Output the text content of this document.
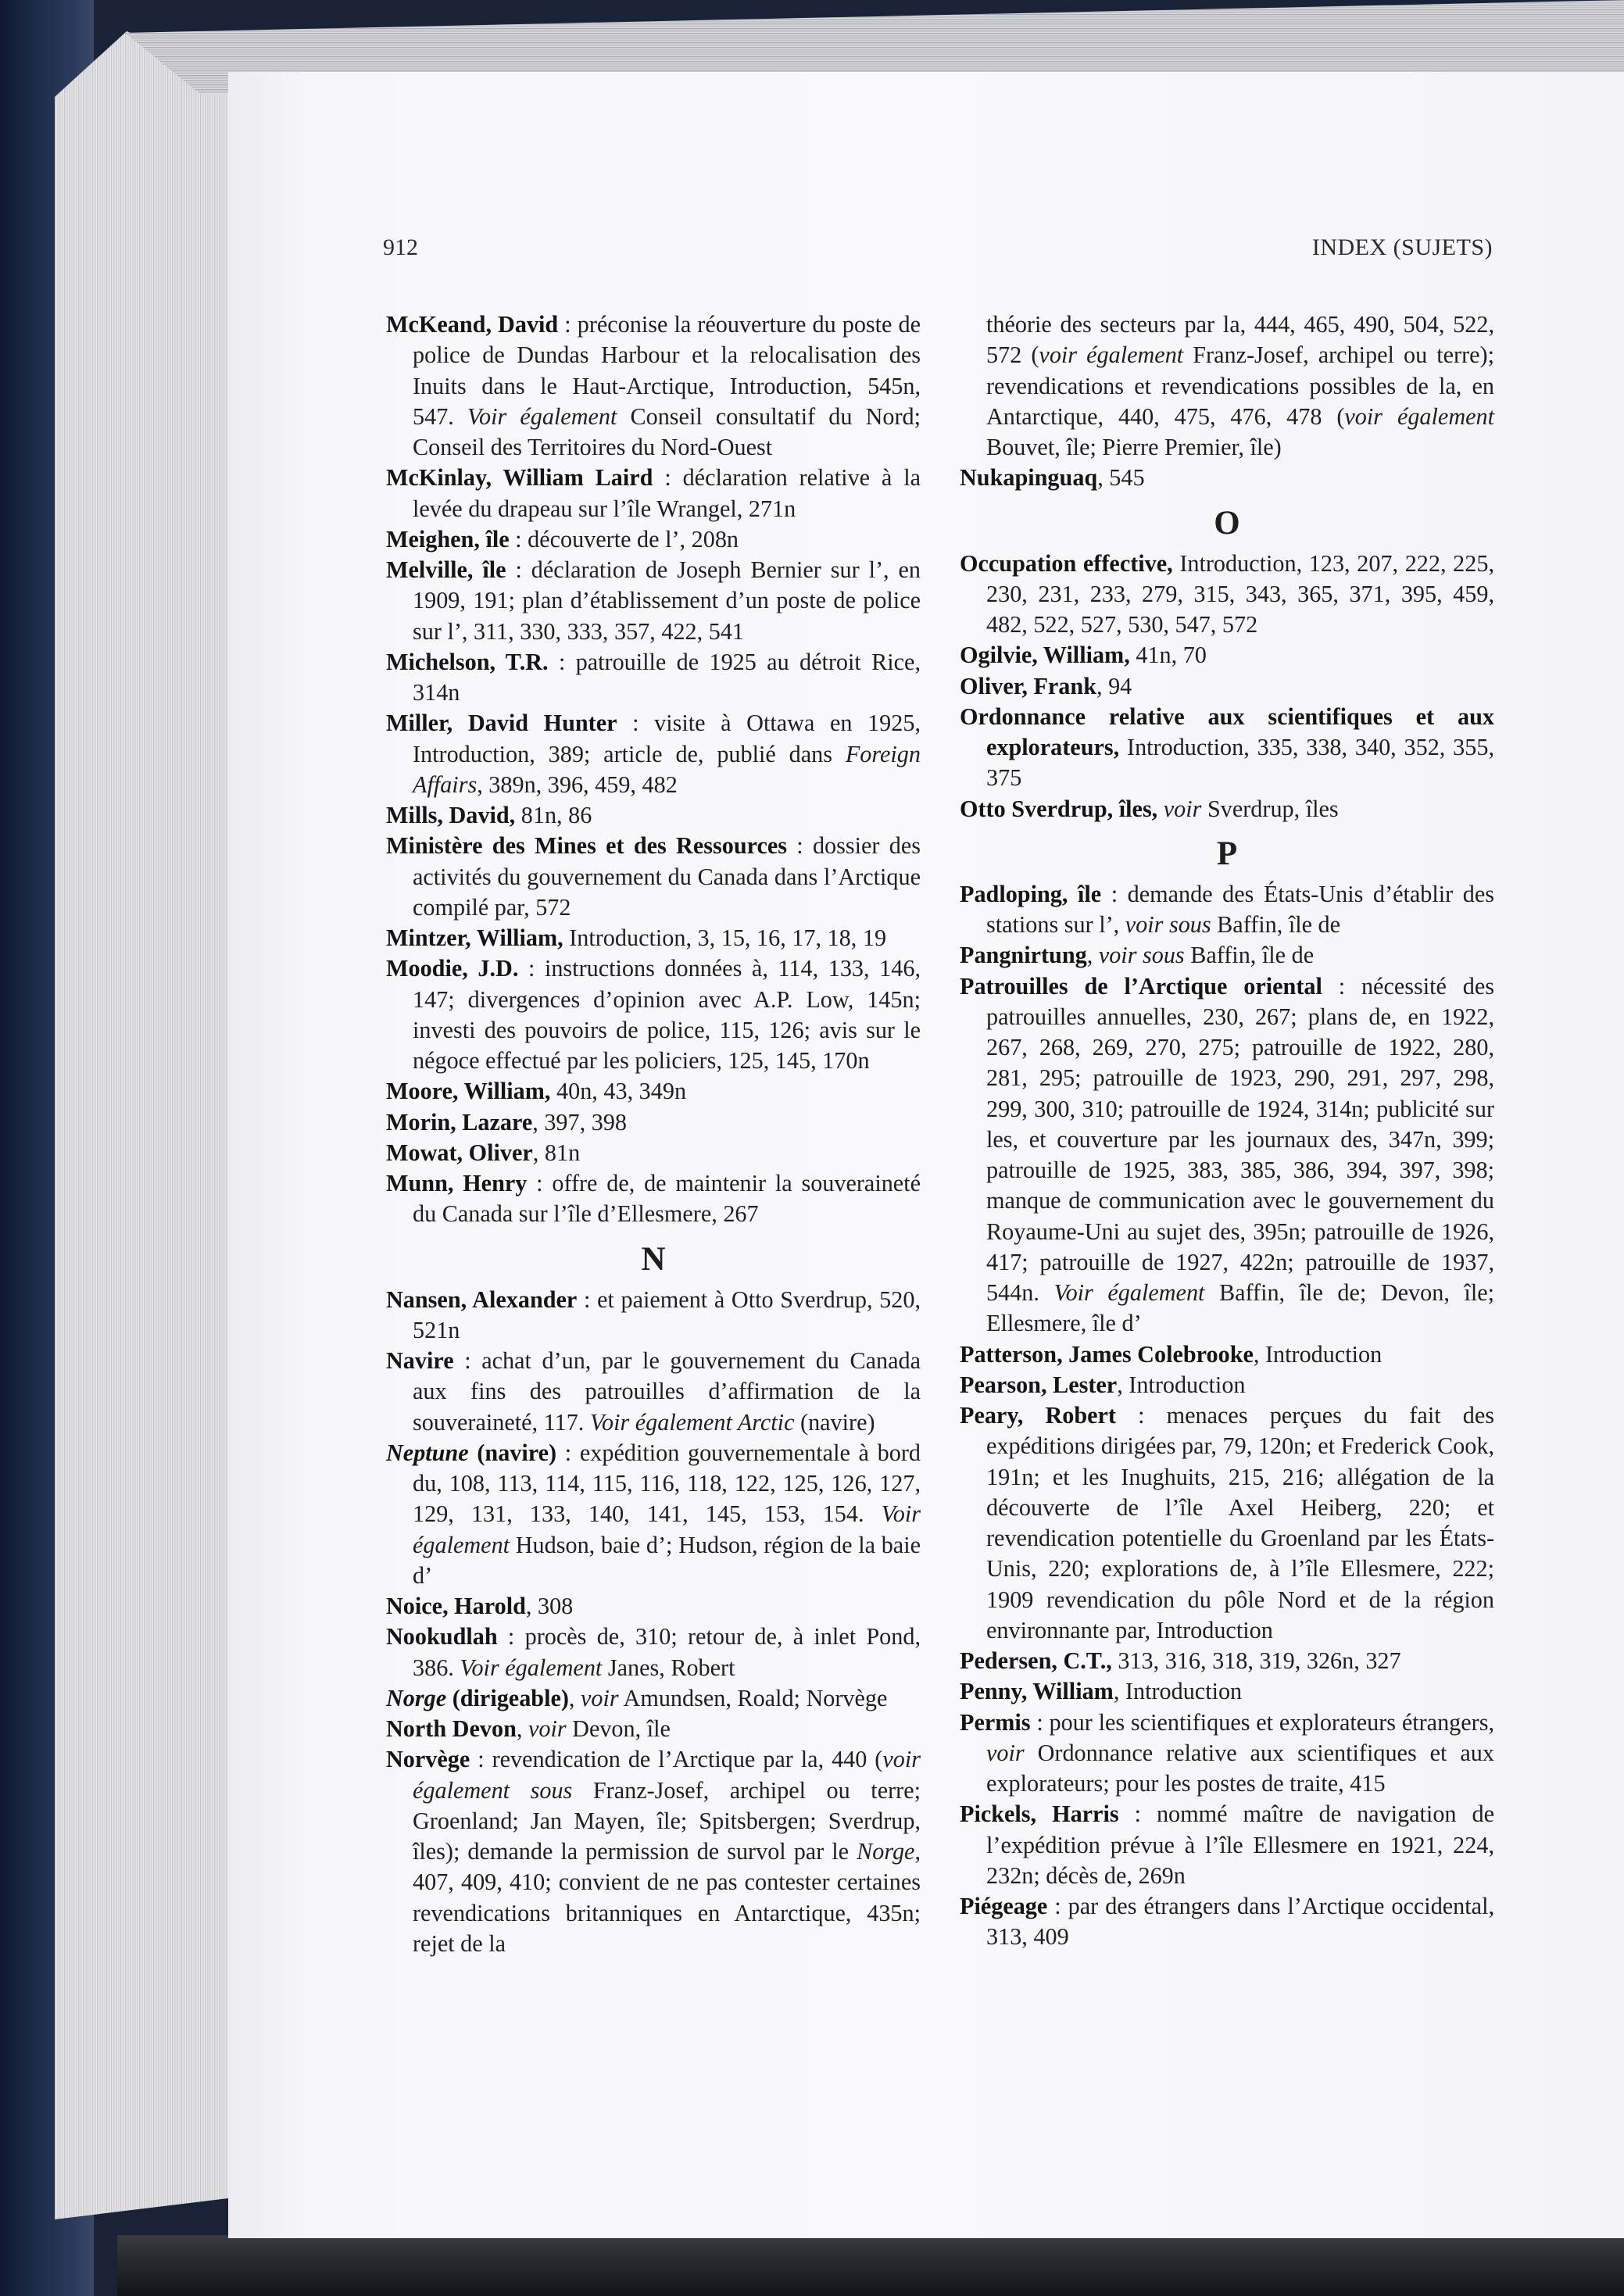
912	INDEX (SUJETS)

McKeand, David : préconise la réouverture du poste de police de Dundas Harbour et la relocalisation des Inuits dans le Haut-Arctique, Introduction, 545n, 547. Voir également Conseil consultatif du Nord; Conseil des Territoires du Nord-Ouest

McKinlay, William Laird : déclaration relative à la levée du drapeau sur l’île Wrangel, 271n

Meighen, île : découverte de l’, 208n

Melville, île : déclaration de Joseph Bernier sur l’, en 1909, 191; plan d’établissement d’un poste de police sur l’, 311, 330, 333, 357, 422, 541

Michelson, T.R. : patrouille de 1925 au détroit Rice, 314n

Miller, David Hunter : visite à Ottawa en 1925, Introduction, 389; article de, publié dans Foreign Affairs, 389n, 396, 459, 482

Mills, David, 81n, 86

Ministère des Mines et des Ressources : dossier des activités du gouvernement du Canada dans l’Arctique compilé par, 572

Mintzer, William, Introduction, 3, 15, 16, 17, 18, 19

Moodie, J.D. : instructions données à, 114, 133, 146, 147; divergences d’opinion avec A.P. Low, 145n; investi des pouvoirs de police, 115, 126; avis sur le négoce effectué par les policiers, 125, 145, 170n

Moore, William, 40n, 43, 349n

Morin, Lazare, 397, 398

Mowat, Oliver, 81n

Munn, Henry : offre de, de maintenir la souveraineté du Canada sur l’île d’Ellesmere, 267

N

Nansen, Alexander : et paiement à Otto Sverdrup, 520, 521n

Navire : achat d’un, par le gouvernement du Canada aux fins des patrouilles d’affirmation de la souveraineté, 117. Voir également Arctic (navire)

Neptune (navire) : expédition gouvernementale à bord du, 108, 113, 114, 115, 116, 118, 122, 125, 126, 127, 129, 131, 133, 140, 141, 145, 153, 154. Voir également Hudson, baie d’; Hudson, région de la baie d’

Noice, Harold, 308

Nookudlah : procès de, 310; retour de, à inlet Pond, 386. Voir également Janes, Robert

Norge (dirigeable), voir Amundsen, Roald; Norvège

North Devon, voir Devon, île

Norvège : revendication de l’Arctique par la, 440 (voir également sous Franz-Josef, archipel ou terre; Groenland; Jan Mayen, île; Spitsbergen; Sverdrup, îles); demande la permission de survol par le Norge, 407, 409, 410; convient de ne pas contester certaines revendications britanniques en Antarctique, 435n; rejet de la

théorie des secteurs par la, 444, 465, 490, 504, 522, 572 (voir également Franz-Josef, archipel ou terre); revendications et revendications possibles de la, en Antarctique, 440, 475, 476, 478 (voir également Bouvet, île; Pierre Premier, île)

Nukapinguaq, 545

O

Occupation effective, Introduction, 123, 207, 222, 225, 230, 231, 233, 279, 315, 343, 365, 371, 395, 459, 482, 522, 527, 530, 547, 572

Ogilvie, William, 41n, 70

Oliver, Frank, 94

Ordonnance relative aux scientifiques et aux explorateurs, Introduction, 335, 338, 340, 352, 355, 375

Otto Sverdrup, îles, voir Sverdrup, îles

P

Padloping, île : demande des États-Unis d’établir des stations sur l’, voir sous Baffin, île de

Pangnirtung, voir sous Baffin, île de

Patrouilles de l’Arctique oriental : nécessité des patrouilles annuelles, 230, 267; plans de, en 1922, 267, 268, 269, 270, 275; patrouille de 1922, 280, 281, 295; patrouille de 1923, 290, 291, 297, 298, 299, 300, 310; patrouille de 1924, 314n; publicité sur les, et couverture par les journaux des, 347n, 399; patrouille de 1925, 383, 385, 386, 394, 397, 398; manque de communication avec le gouvernement du Royaume-Uni au sujet des, 395n; patrouille de 1926, 417; patrouille de 1927, 422n; patrouille de 1937, 544n. Voir également Baffin, île de; Devon, île; Ellesmere, île d’

Patterson, James Colebrooke, Introduction

Pearson, Lester, Introduction

Peary, Robert : menaces perçues du fait des expéditions dirigées par, 79, 120n; et Frederick Cook, 191n; et les Inughuits, 215, 216; allégation de la découverte de l’île Axel Heiberg, 220; et revendication potentielle du Groenland par les États-Unis, 220; explorations de, à l’île Ellesmere, 222; 1909 revendication du pôle Nord et de la région environnante par, Introduction

Pedersen, C.T., 313, 316, 318, 319, 326n, 327

Penny, William, Introduction

Permis : pour les scientifiques et explorateurs étrangers, voir Ordonnance relative aux scientifiques et aux explorateurs; pour les postes de traite, 415

Pickels, Harris : nommé maître de navigation de l’expédition prévue à l’île Ellesmere en 1921, 224, 232n; décès de, 269n

Piégeage : par des étrangers dans l’Arctique occidental, 313, 409
